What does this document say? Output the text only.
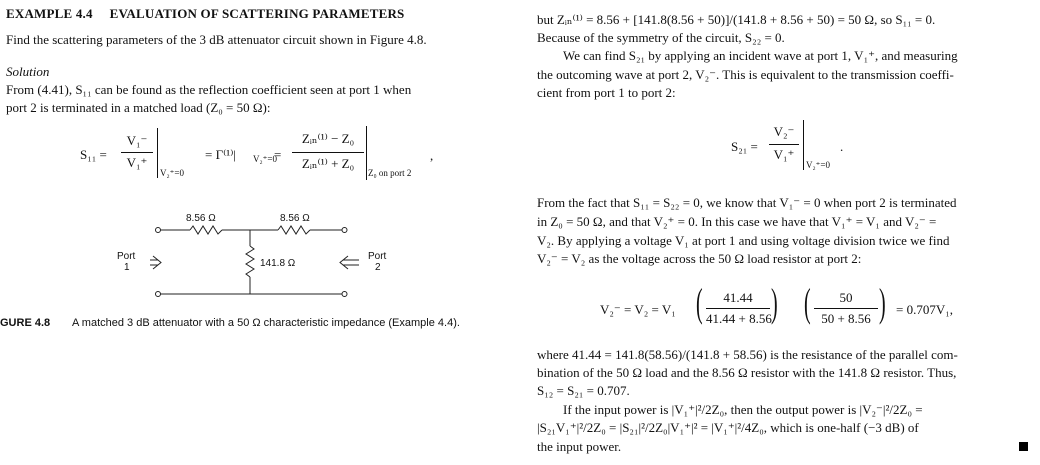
EXAMPLE 4.4 EVALUATION OF SCATTERING PARAMETERS
Find the scattering parameters of the 3 dB attenuator circuit shown in Figure 4.8.
Solution
From (4.41), S₁₁ can be found as the reflection coefficient seen at port 1 when
port 2 is terminated in a matched load (Z₀ = 50 Ω):
S₁₁ =
V₁⁻
V₁⁺
V₂⁺=0
= Γ⁽¹⁾| V₂⁺=0
=
Zᵢₙ⁽¹⁾ − Z₀
Zᵢₙ⁽¹⁾ + Z₀
Z₀ on port 2
,
8.56 Ω	8.56 Ω
141.8 Ω
Port
1
Port
2
GURE 4.8 A matched 3 dB attenuator with a 50 Ω characteristic impedance (Example 4.4).
but Zᵢₙ⁽¹⁾ = 8.56 + [141.8(8.56 + 50)]/(141.8 + 8.56 + 50) = 50 Ω, so S₁₁ = 0.
Because of the symmetry of the circuit, S₂₂ = 0.
We can find S₂₁ by applying an incident wave at port 1, V₁⁺, and measuring
the outcoming wave at port 2, V₂⁻. This is equivalent to the transmission coeffi-
cient from port 1 to port 2:
S₂₁ =
V₂⁻
V₁⁺
V₂⁺=0
.
From the fact that S₁₁ = S₂₂ = 0, we know that V₁⁻ = 0 when port 2 is terminated
in Z₀ = 50 Ω, and that V₂⁺ = 0. In this case we have that V₁⁺ = V₁ and V₂⁻ =
V₂. By applying a voltage V₁ at port 1 and using voltage division twice we find
V₂⁻ = V₂ as the voltage across the 50 Ω load resistor at port 2:
V₂⁻ = V₂ = V₁ (	41.44
41.44 + 8.56 ) (	50
50 + 8.56 ) = 0.707V₁,
where 41.44 = 141.8(58.56)/(141.8 + 58.56) is the resistance of the parallel com-
bination of the 50 Ω load and the 8.56 Ω resistor with the 141.8 Ω resistor. Thus,
S₁₂ = S₂₁ = 0.707.
If the input power is |V₁⁺|²/2Z₀, then the output power is |V₂⁻|²/2Z₀ =
|S₂₁V₁⁺|²/2Z₀ = |S₂₁|²/2Z₀|V₁⁺|² = |V₁⁺|²/4Z₀, which is one-half (−3 dB) of
the input power.
